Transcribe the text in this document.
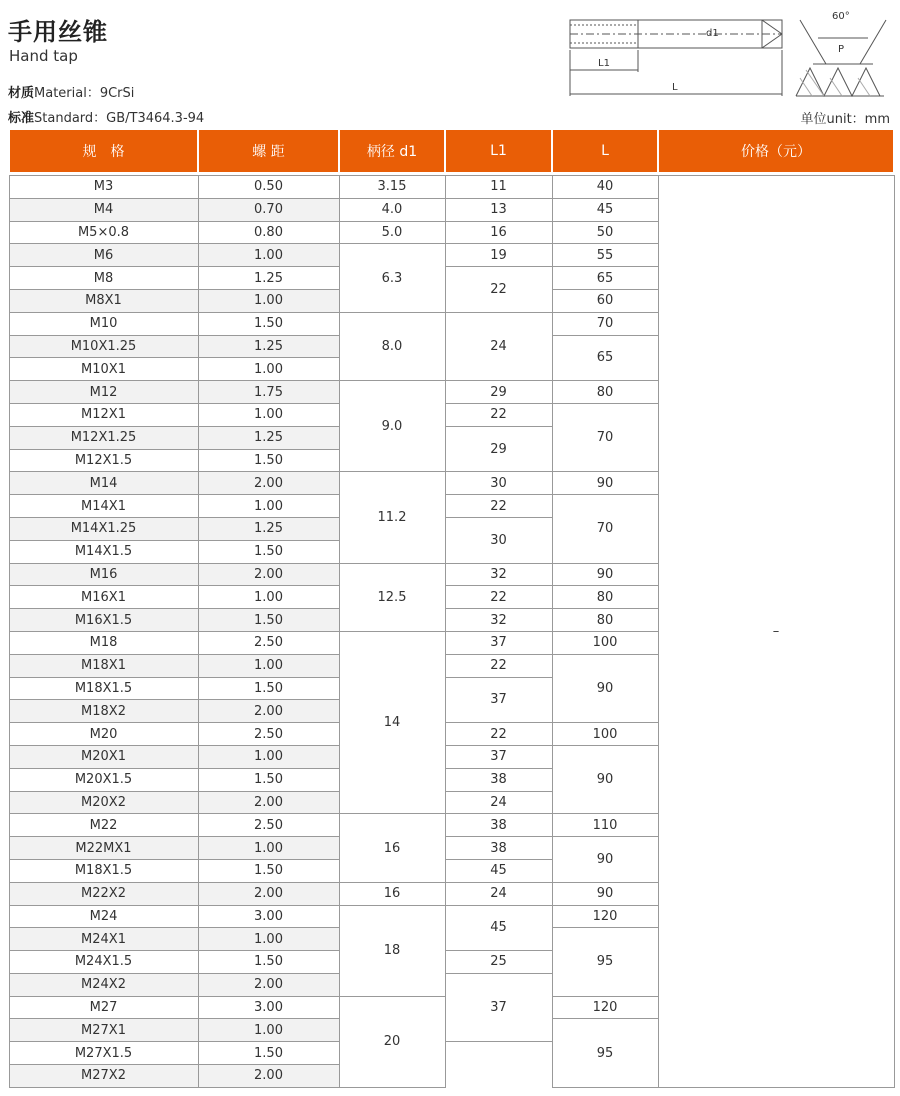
手用丝锥
Hand tap
材质Material：9CrSi
标准Standard：GB/T3464.3-94	单位unit：mm
d1
L1
L
60°
P
规　格	螺 距	柄径 d1	L1	L	价格（元）

M3	0.50	3.15	11	40	–
M4	0.70	4.0	13	45	
M5×0.8	0.80	5.0	16	50	
M6	1.00	6.3	19	55	
M8	1.25		22	65	
M8X1	1.00			60	
M10	1.50	8.0	24	70	
M10X1.25	1.25			65	
M10X1	1.00				
M12	1.75	9.0	29	80	
M12X1	1.00		22	70	
M12X1.25	1.25		29		
M12X1.5	1.50				
M14	2.00	11.2	30	90	
M14X1	1.00		22	70	
M14X1.25	1.25		30		
M14X1.5	1.50				
M16	2.00	12.5	32	90	
M16X1	1.00		22	80	
M16X1.5	1.50		32	80	
M18	2.50	14	37	100	
M18X1	1.00		22	90	
M18X1.5	1.50		37		
M18X2	2.00				
M20	2.50		22	100	
M20X1	1.00		37	90	
M20X1.5	1.50		38		
M20X2	2.00		24		
M22	2.50	16	38	110	
M22MX1	1.00		38	90	
M18X1.5	1.50		45		
M22X2	2.00	16	24	90	
M24	3.00	18	45	120	
M24X1	1.00			95	
M24X1.5	1.50		25		
M24X2	2.00		37		
M27	3.00	20		120	
M27X1	1.00			95	
M27X1.5	1.50				
M27X2	2.00				
